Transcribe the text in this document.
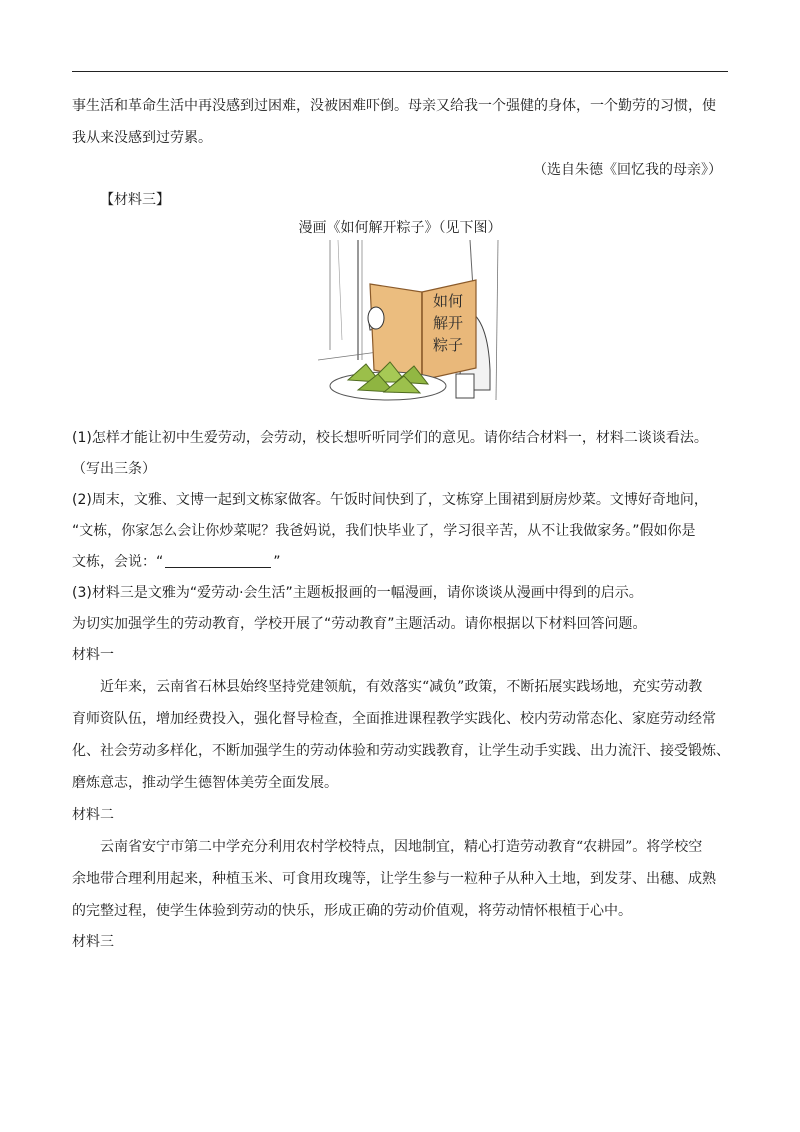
事生活和革命生活中再没感到过困难，没被困难吓倒。母亲又给我一个强健的身体，一个勤劳的习惯，使
我从来没感到过劳累。
（选自朱德《回忆我的母亲》）
【材料三】
漫画《如何解开粽子》（见下图）
如何
解开
粽子
(1)怎样才能让初中生爱劳动，会劳动，校长想听听同学们的意见。请你结合材料一，材料二谈谈看法。
（写出三条）
(2)周末，文雅、文博一起到文栋家做客。午饭时间快到了，文栋穿上围裙到厨房炒菜。文博好奇地问，
“文栋，你家怎么会让你炒菜呢？我爸妈说，我们快毕业了，学习很辛苦，从不让我做家务。”假如你是
文栋，会说：“	”
(3)材料三是文雅为“爱劳动·会生活”主题板报画的一幅漫画，请你谈谈从漫画中得到的启示。
为切实加强学生的劳动教育，学校开展了“劳动教育”主题活动。请你根据以下材料回答问题。
材料一
近年来，云南省石林县始终坚持党建领航，有效落实“减负”政策，不断拓展实践场地，充实劳动教
育师资队伍，增加经费投入，强化督导检查，全面推进课程教学实践化、校内劳动常态化、家庭劳动经常
化、社会劳动多样化，不断加强学生的劳动体验和劳动实践教育，让学生动手实践、出力流汗、接受锻炼、
磨炼意志，推动学生德智体美劳全面发展。
材料二
云南省安宁市第二中学充分利用农村学校特点，因地制宜，精心打造劳动教育“农耕园”。将学校空
余地带合理利用起来，种植玉米、可食用玫瑰等，让学生参与一粒种子从种入土地，到发芽、出穗、成熟
的完整过程，使学生体验到劳动的快乐，形成正确的劳动价值观，将劳动情怀根植于心中。
材料三
